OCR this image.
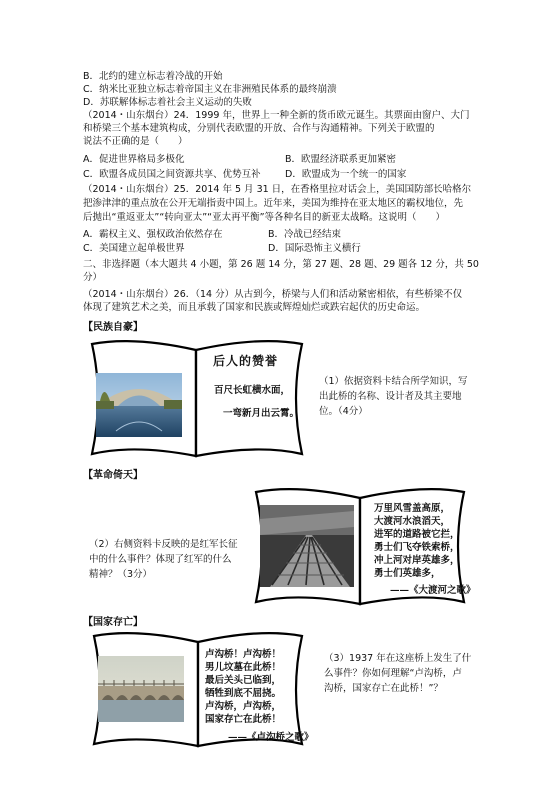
B．北约的建立标志着冷战的开始
C．纳米比亚独立标志着帝国主义在非洲殖民体系的最终崩溃
D．苏联解体标志着社会主义运动的失败
（2014・山东烟台）24．1999 年，世界上一种全新的货币欧元诞生。其票面由窗户、大门
和桥梁三个基本建筑构成，分别代表欧盟的开放、合作与沟通精神。下列关于欧盟的
说法不正确的是（　　）
A．促进世界格局多极化	B．欧盟经济联系更加紧密
C．欧盟各成员国之间资源共享、优势互补	D．欧盟成为一个统一的国家
（2014・山东烟台）25．2014 年 5 月 31 日，在香格里拉对话会上，美国国防部长哈格尔
把渗津津的重点放在公开无端指责中国上。近年来，美国为维持在亚太地区的霸权地位，先
后抛出“重返亚太”“转向亚太”“亚太再平衡”等各种名目的新亚太战略。这说明（　　）
A．霸权主义、强权政治依然存在	B．冷战已经结束
C．美国建立起单极世界	D．国际恐怖主义横行
二、非选择题（本大题共 4 小题，第 26 题 14 分，第 27 题、28 题、29 题各 12 分，共 50
分）
（2014・山东烟台）26．（14 分）从古到今，桥梁与人们和活动紧密相依，有些桥梁不仅
体现了建筑艺术之美，而且承载了国家和民族或辉煌灿烂或跌宕起伏的历史命运。
【民族自豪】
后人的赞誉
百尺长虹横水面，
一弯新月出云霄。
（1）依据资料卡结合所学知识，写
出此桥的名称、设计者及其主要地
位。（4分）
【革命倚天】
（2）右侧资料卡反映的是红军长征
中的什么事件？体现了红军的什么
精神？（3分）
万里风雪盖高原，
大渡河水浪滔天，
进军的道路被它拦，
勇士们飞夺铁索桥，
冲上河对岸英雄多，
勇士们英雄多，
——《大渡河之歌》
【国家存亡】
卢沟桥！卢沟桥！
男儿坟墓在此桥！
最后关头已临到，
牺牲到底不屈挠。
卢沟桥，卢沟桥，
国家存亡在此桥！
——《卢沟桥之歌》
（3）1937 年在这座桥上发生了什
么事件？你如何理解“卢沟桥，卢
沟桥，国家存亡在此桥！”？
